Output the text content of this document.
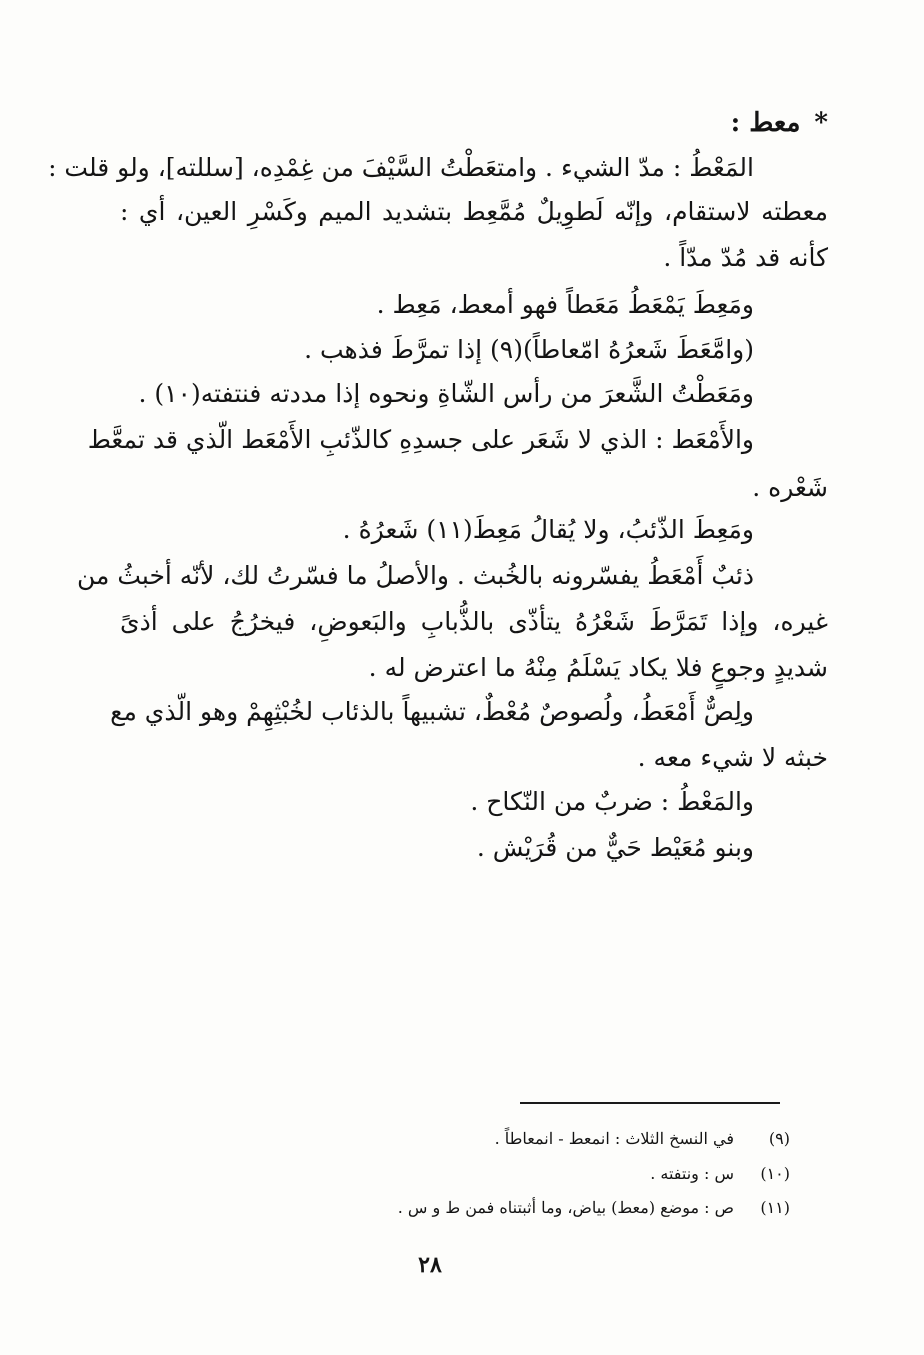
*معط :
المَعْطُ : مدّ الشيء . وامتعَطْتُ السَّيْفَ من غِمْدِه، [سللته]، ولو قلت :
معطته لاستقام، وإنّه لَطوِيلٌ مُمَّعِط بتشديد الميم وكَسْرِ العين، أي :
كأنه قد مُدّ مدّاً .
ومَعِطَ يَمْعَطُ مَعَطاً فهو أمعط، مَعِط .
(وامَّعَطَ شَعرُهُ امّعاطاً)(٩) إذا تمرَّطَ فذهب .
ومَعَطْتُ الشَّعرَ من رأس الشّاةِ ونحوه إذا مددته فنتفته(١٠) .
والأَمْعَط : الذي لا شَعَر على جسدِهِ كالذّئبِ الأَمْعَط الّذي قد تمعَّط
شَعْره .
ومَعِطَ الذّئبُ، ولا يُقالُ مَعِطَ(١١) شَعرُهُ .
ذئبٌ أَمْعَطُ يفسّرونه بالخُبث . والأصلُ ما فسّرتُ لك، لأنّه أخبثُ من
غيره، وإذا تَمَرَّطَ شَعْرُهُ يتأذّى بالذُّبابِ والبَعوضِ، فيخرُجُ على أذىً
شديدٍ وجوعٍ فلا يكاد يَسْلَمُ مِنْهُ ما اعترض له .
ولِصٌّ أَمْعَطُ، ولُصوصٌ مُعْطٌ، تشبيهاً بالذئاب لخُبْثِهِمْ وهو الّذي مع
خبثه لا شيء معه .
والمَعْطُ : ضربٌ من النّكاح .
وبنو مُعَيْط حَيٌّ من قُرَيْش .
(٩)في النسخ الثلاث : انمعط - انمعاطاً .
(١٠)س : ونتفته .
(١١)ص : موضع (معط) بياض، وما أثبتناه فمن ط و س .
٢٨
